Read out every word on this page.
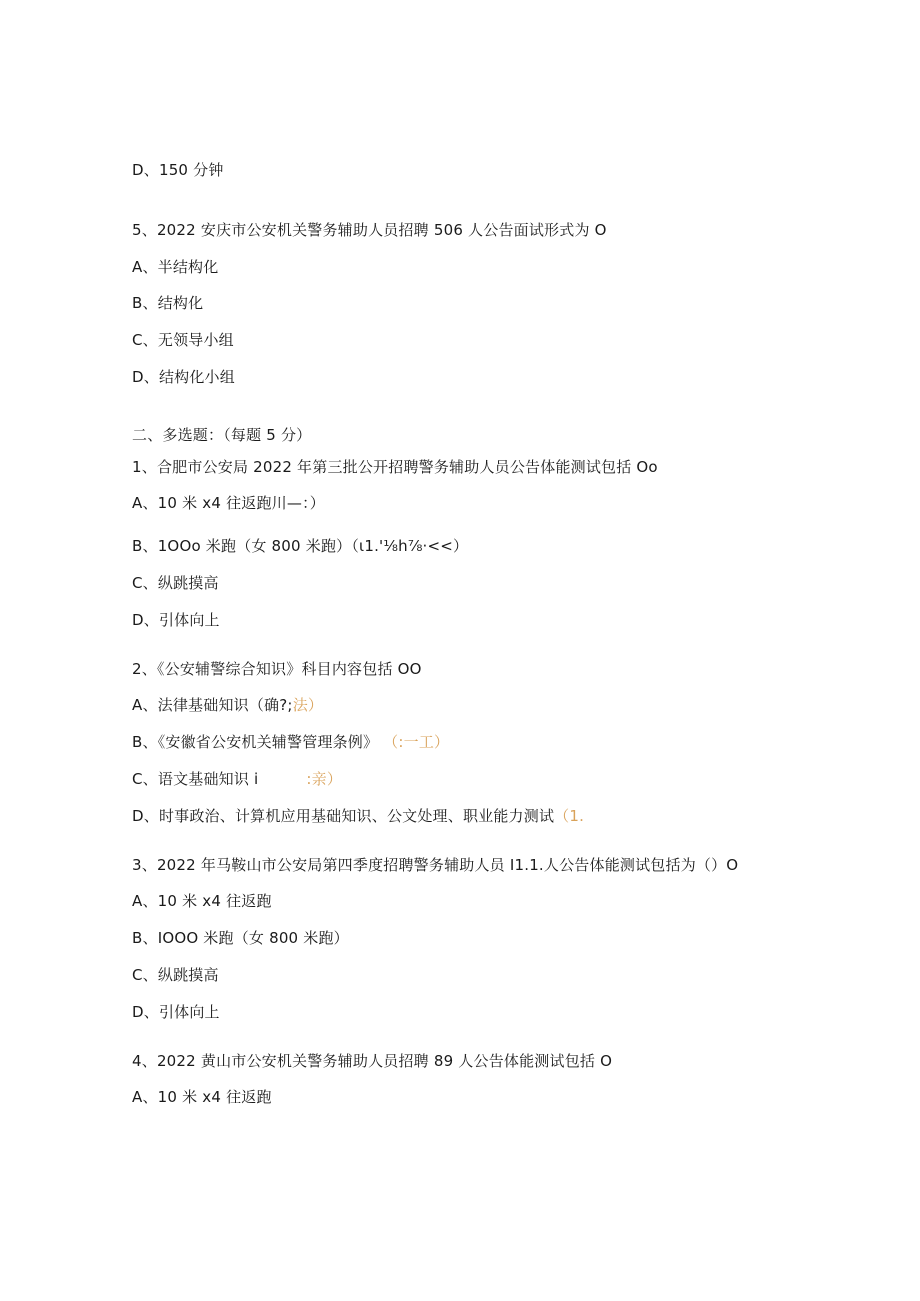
D、150 分钟
5、2022 安庆市公安机关警务辅助人员招聘 506 人公告面试形式为 O
A、半结构化
B、结构化
C、无领导小组
D、结构化小组
二、多选题：（每题 5 分）
1、合肥市公安局 2022 年第三批公开招聘警务辅助人员公告体能测试包括 Oo
A、10 米 x4 往返跑川—：）
B、1OOo 米跑（女 800 米跑）（ι1.'⅛h⅞·<<）
C、纵跳摸高
D、引体向上
2、《公安辅警综合知识》科目内容包括 OO
A、法律基础知识（确?;法）
B、《安徽省公安机关辅警管理条例》 （:一工）
C、语文基础知识 i	:亲）
D、时事政治、计算机应用基础知识、公文处理、职业能力测试（1.
3、2022 年马鞍山市公安局第四季度招聘警务辅助人员 I1.1.人公告体能测试包括为（）O
A、10 米 x4 往返跑
B、IOOO 米跑（女 800 米跑）
C、纵跳摸高
D、引体向上
4、2022 黄山市公安机关警务辅助人员招聘 89 人公告体能测试包括 O
A、10 米 x4 往返跑
